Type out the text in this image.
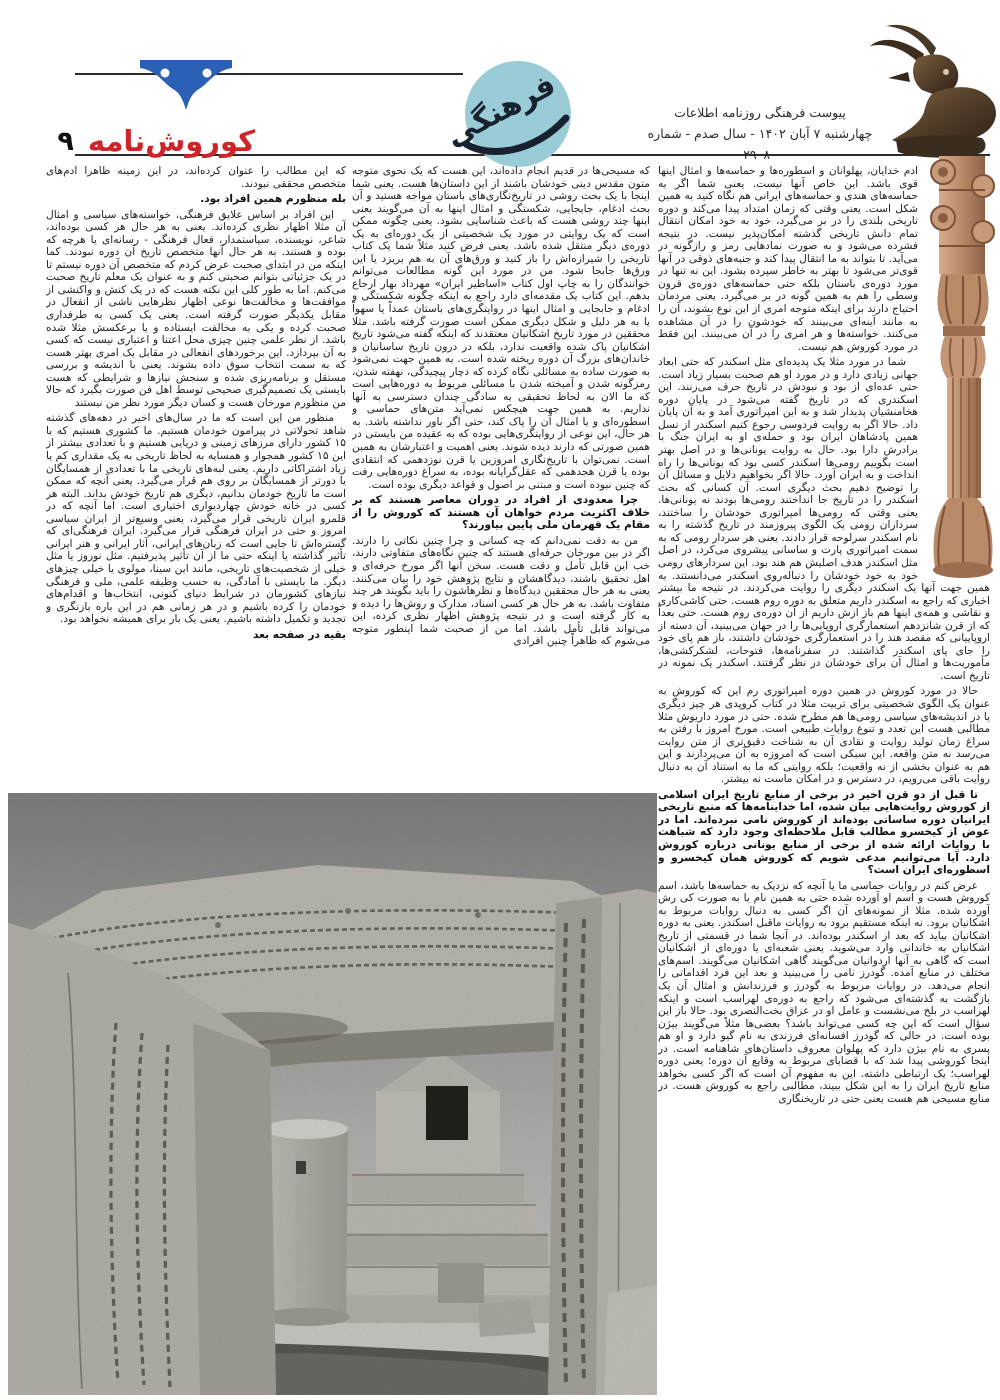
پیوست فرهنگی روزنامه اطلاعات
چهارشنبه ۷ آبان ۱۴۰۲ - سال صدم - شماره ۲۹۰۸۰
کوروش‌نامه
۹	فرهنگی

آدم خدایان، پهلوانان و اسطوره‌ها و حماسه‌ها و امثال اینها قوی باشد. این خاص آنها نیست. یعنی شما اگر به حماسه‌های هندی و حماسه‌های ایرانی هم نگاه کنید به همین شکل است. یعنی وقتی که زمان امتداد پیدا می‌کند و دوره تاریخی بلندی را در بر می‌گیرد، خود به خود امکان انتقال تمام دانش تاریخی گذشته امکان‌پذیر نیست. در نتیجه فشرده می‌شود و به صورت نمادهایی رمز و رازگونه در می‌آید. تا بتواند به ما انتقال پیدا کند و جنبه‌های ذوقی در آنها قوی‌تر می‌شود تا بهتر به خاطر سپرده بشود. این نه تنها در مورد دوره‌ی باستان بلکه حتی حماسه‌های دوره‌ی قرون وسطی را هم به همین گونه در بر می‌گیرد. یعنی مردمان احتیاج دارند برای اینکه متوجه امری از این نوع بشوند، آن را به مانند آینه‌ای می‌بینند که خودشون را در آن مشاهده می‌کنند. خواسته‌ها و هر امری را در آن می‌بینند. این فقط در مورد کوروش هم نیست.

شما در مورد مثلا یک پدیده‌ای مثل اسکندر که حتی ابعاد جهانی زیادی دارد و در مورد او هم صحبت بسیار زیاد است. حتی عده‌ای از بود و نبودش در تاریخ حرف می‌زنند. این اسکندری که در تاریخ گفته می‌شود در پایان دوره هخامنشیان پدیدار شد و به این امپراتوری آمد و به آن پایان داد. حالا اگر به روایت فردوسی رجوع کنیم اسکندر از نسل همین پادشاهان ایران بود و حمله‌ی او به ایران جنگ با برادرش دارا بود. حال به روایت یونانی‌ها و در اصل بهتر است بگوییم رومی‌ها اسکندر کسی بود که یونانی‌ها را راه انداخت و به ایران آورد. حالا اگر بخواهیم دلایل و مسائل آن را توضیح دهیم بحث دیگری است. آن کسانی که بحث اسکندر را در تاریخ جا انداختند رومی‌ها بودند نه یونانی‌ها. یعنی وقتی که رومی‌ها امپراتوری خودشان را ساختند، سرداران رومی یک الگوی پیروزمند در تاریخ گذشته را به نام اسکندر سرلوحه قرار دادند. یعنی هر سردار رومی که به سمت امپراتوری پارت و ساسانی پیشروی می‌کرد، در اصل مثل اسکندر هدف اصلیش هم هند بود. این سردارهای رومی خود به خود خودشان را دنباله‌روی اسکندر می‌دانستند. به همین جهت آنها یک اسکندر دیگری را روایت می‌کردند. در نتیجه ما بیشتر اخباری که راجع به اسکندر داریم متعلق به دوره روم هست. حتی کاشی‌کاری و نقاشی و همه‌ی اینها هم باز ازش داریم از آن دوره‌ی روم هست. حتی بعداً که از قرن شانزدهم استعمارگری اروپایی‌ها را در جهان می‌بینید، آن دسته از اروپاییانی که مقصد هند را در استعمارگری خودشان داشتند، باز هم پای خود را جای پای اسکندر گذاشتند. در سفرنامه‌ها، فتوحات، لشکرکشی‌ها، مأموریت‌ها و امثال آن برای خودشان در نظر گرفتند. اسکندر یک نمونه در تاریخ است.

حالا در مورد کوروش در همین دوره امپراتوری رم این که کوروش به عنوان یک الگوی شخصیتی برای تربیت مثلا در کتاب کروپدی هر چیز دیگری یا در اندیشه‌های سیاسی رومی‌ها هم مطرح شده. حتی در مورد داریوش مثلا مطالبی هست این تعدد و تنوع روایات طبیعی است. مورخ امروز با رفتن به سراغ زمان تولید روایت و نقادی آن به شناخت دقیق‌تری از متن روایت می‌رسد نه متن واقعه. این سبکی است که امروزه به آن می‌پردازند و این هم به عنوان بخشی از نه واقعیت؛ بلکه روایتی که ما به استناد آن به دنبال روایت باقی می‌رویم، در دسترس و در امکان ماست نه بیشتر.

تا قبل از دو قرن اخیر در برخی از منابع تاریخ ایران اسلامی از کوروش روایت‌هایی بیان شده، اما خداینامه‌ها که منبع تاریخی ایرانیان دوره ساسانی بوده‌اند از کوروش نامی نبرده‌اند. اما در عوض از کیخسرو مطالب قابل ملاحظه‌ای وجود دارد که شباهت با روایات ارائه شده از برخی از منابع یونانی درباره کوروش دارد. آیا می‌توانیم مدعی شویم که کوروش همان کیخسرو و اسطوره‌ای ایران است؟

عرض کنم در روایات حماسی ما یا آنچه که نزدیک به حماسه‌ها باشد، اسم کوروش هست و اسم او آورده شده حتی به همین نام یا به صورت کی رش آورده شده. مثلا از نمونه‌های آن اگر کسی به دنبال روایات مربوط به اشکانیان برود. نه اینکه مستقیم برود به روایات ماقبل اسکندر. یعنی به دوره اشکانیان بیاید که بعد از اسکندر بوده‌اند. در آنجا شما در قسمتی از تاریخ اشکانیان به خاندانی وارد می‌شوید. یعنی شعبه‌ای یا دوره‌ای از اشکانیان است که گاهی به آنها اردوانیان می‌گویند گاهی اشکانیان می‌گویند. اسم‌های مختلف در منابع آمده. گودرز نامی را می‌بینید و بعد این فرد اقداماتی را انجام می‌دهد. در روایات مربوط به گودرز و فرزندانش و امثال آن یک بازگشت به گذشته‌ای می‌شود که راجع به دوره‌ی لهراسب است و اینکه لهراسب در بلخ می‌نشست و عامل او در عراق بخت‌النصری بود. حالا باز این سؤال است که این چه کسی می‌تواند باشد؟ بعضی‌ها مثلاً می‌گویند بیژن بوده است. در حالی که گودرز افسانه‌ای فرزندی به نام گیو دارد و او هم پسری به نام بیژن دارد که پهلوان معروف داستان‌های شاهنامه است. در اینجا کوروشی پیدا شد که با قضایای مربوط به وقایع آن دوره؛ یعنی دوره لهراسب؛ یک ارتباطی داشته. این به مفهوم آن است که اگر کسی بخواهد منابع تاریخ ایران را به این شکل ببیند، مطالبی راجع به کوروش هست. در منابع مسیحی هم هست یعنی حتی در تاریخنگاری

که مسیحی‌ها در قدیم انجام داده‌اند، این هست که یک نحوی متوجه متون مقدس دینی خودشان باشند از این داستان‌ها هست. یعنی شما اینجا با یک بحث روشی در تاریخ‌نگاری‌های باستان مواجه هستید و آن بحث ادغام، جابجایی، شکستگی و امثال اینها به آن می‌گویند یعنی اینها چند روشی هست که باعث شناسایی بشود. یعنی چگونه ممکن است که یک روایتی در مورد یک شخصیتی از یک دوره‌ای به یک دوره‌ی دیگر منتقل شده باشد. یعنی فرض کنید مثلاً شما یک کتاب تاریخی را شیرازه‌اش را باز کنید و ورق‌های آن به هم بریزد یا این ورق‌ها جابجا شود. من در مورد این گونه مطالعات می‌توانم خوانندگان را به چاپ اول کتاب «اساطیر ایران» مهرداد بهار ارجاع بدهم. این کتاب یک مقدمه‌ای دارد راجع به اینکه چگونه شکستگی و ادغام و جابجایی و امثال اینها در روایتگری‌های باستان عمداً یا سهواً یا به هر دلیل و شکل دیگری ممکن است صورت گرفته باشد. مثلا محققین در مورد تاریخ اشکانیان معتقدند که اینکه گفته می‌شود تاریخ اشکانیان پاک شده واقعیت ندارد، بلکه در درون تاریخ ساسانیان و خاندان‌های بزرگ آن دوره ریخته شده است. به همین جهت نمی‌شود به صورت ساده به مسائلی نگاه کرده که دچار پیچیدگی، نهفته شدن، رمزگونه شدن و آمیخته شدن با مسائلی مربوط به دوره‌هایی است که ما الان به لحاظ تحقیقی به سادگی چندان دسترسی به آنها نداریم. به همین جهت هیچکس نمی‌آید متن‌های حماسی و اسطوره‌ای و یا امثال آن را پاک کند، حتی اگر باور نداشته باشد. به هر حال، این نوعی از روایتگری‌هایی بوده که به عقیده من بایستی در همین صورتی که دارند دیده شوند. یعنی اهمیت و اعتبارشان به همین است. نمی‌توان با تاریخ‌نگاری امروزین یا قرن نوزدهمی که انتقادی بوده یا قرن هجدهمی که عقل‌گرایانه بوده، به سراغ دوره‌هایی رفت که چنین نبوده است و مبتنی بر اصول و قواعد دیگری بوده است.

چرا معدودی از افراد در دوران معاصر هستند که بر خلاف اکثریت مردم خواهان آن هستند که کوروش را از مقام یک قهرمان ملی پایین بیاورند؟

من به دقت نمی‌دانم که چه کسانی و چرا چنین نکاتی را دارند. اگر در بین مورخان حرفه‌ای هستند که چنین نگاه‌های متفاوتی دارند، خب این قابل تأمل و دقت هست. سخن آنها اگر مورخ حرفه‌ای و اهل تحقیق باشند، دیدگاهشان و نتایج پژوهش خود را بیان می‌کنند. یعنی به هر حال محققین دیدگاه‌ها و نظرهاشون را باید بگویند هر چند متفاوت باشد. به هر حال هر کسی اسناد، مدارک و روش‌ها را دیده و به کار گرفته است و در نتیجه پژوهش اظهار نظری کرده، این می‌تواند قابل تأمل باشد. اما من از صحبت شما اینطور متوجه می‌شوم که ظاهراً چنین افرادی

که این مطالب را عنوان کرده‌اند، در این زمینه ظاهراً آدم‌های متخصص محققی نبودند.

بله منظورم همین افراد بود.

این افراد بر اساس علایق فرهنگی، خواسته‌های سیاسی و امثال آن مثلا اظهار نظری کرده‌اند. یعنی به هر حال هر کسی بوده‌اند، شاعر، نویسنده، سیاستمدار، فعال فرهنگی - رسانه‌ای یا هرچه که بوده و هستند. به هر حال آنها متخصص تاریخ آن دوره نبودند. کما اینکه من در ابتدای صحبت عرض کردم که متخصص آن دوره نیستم تا در یک جزئیاتی بتوانم صحبتی کنم و به عنوان یک معلم تاریخ صحبت می‌کنم. اما به طور کلی این نکته هست که در یک کنش و واکنشی از موافقت‌ها و مخالفت‌ها نوعی اظهار نظرهایی ناشی از انفعال در مقابل یکدیگر صورت گرفته است. یعنی یک کسی به طرفداری صحبت کرده و یکی به مخالفت ایستاده و یا برعکسش مثلا شده باشد. از نظر علمی چنین چیزی محل اعتنا و اعتباری نیست که کسی به آن بپردازد. این برخوردهای انفعالی در مقابل یک امری بهتر هست که به سمت انتخاب سوق داده بشوند. یعنی با اندیشه و بررسی مستقل و برنامه‌ریزی شده و سنجش نیازها و شرایطی که هست بایستی یک تصمیم‌گیری صحیحی توسط اهل فن صورت بگیرد که حالا من منظورم مورخان هست و کسان دیگر مورد نظر من نیستند

منظور من این است که ما در سال‌های اخیر در دهه‌های گذشته شاهد تحولاتی در پیرامون خودمان هستیم. ما کشوری هستیم که با ۱۵ کشور دارای مرزهای زمینی و دریایی هستیم و با تعدادی بیشتر از این ۱۵ کشور همجوار و همسایه به لحاظ تاریخی به یک مقداری کم یا زیاد اشتراکاتی داریم. یعنی لبه‌های تاریخی ما با تعدادی از همسایگان یا دورتر از همسایگان بر روی هم قرار می‌گیرد. یعنی آنچه که ممکن است ما تاریخ خودمان بدانیم، دیگری هم تاریخ خودش بداند. البته هر کسی در خانه خودش چهاردیواری اختیاری است. اما آنچه که در قلمرو ایران تاریخی قرار می‌گیرد، یعنی وسیع‌تر از ایران سیاسی امروز و حتی در ایران فرهنگی قرار می‌گیرد. ایران فرهنگی‌ای که گستره‌اش تا جایی است که زبان‌های ایرانی، آثار ایرانی و هنر ایرانی تأثیر گذاشته یا اینکه حتی ما از آن تأثیر پذیرفتیم. مثل نوروز یا مثل خیلی از شخصیت‌های تاریخی، مانند ابن سینا، مولوی یا خیلی چیزهای دیگر. ما بایستی با آمادگی، به حسب وظیفه علمی، ملی و فرهنگی نیازهای کشورمان در شرایط دنیای کنونی، انتخاب‌ها و اقدام‌های خودمان را کرده باشیم و در هر زمانی هم در این باره بازنگری و تجدید و تکمیل داشته باشیم. یعنی یک بار برای همیشه نخواهد بود.

بقیه در صفحه بعد
